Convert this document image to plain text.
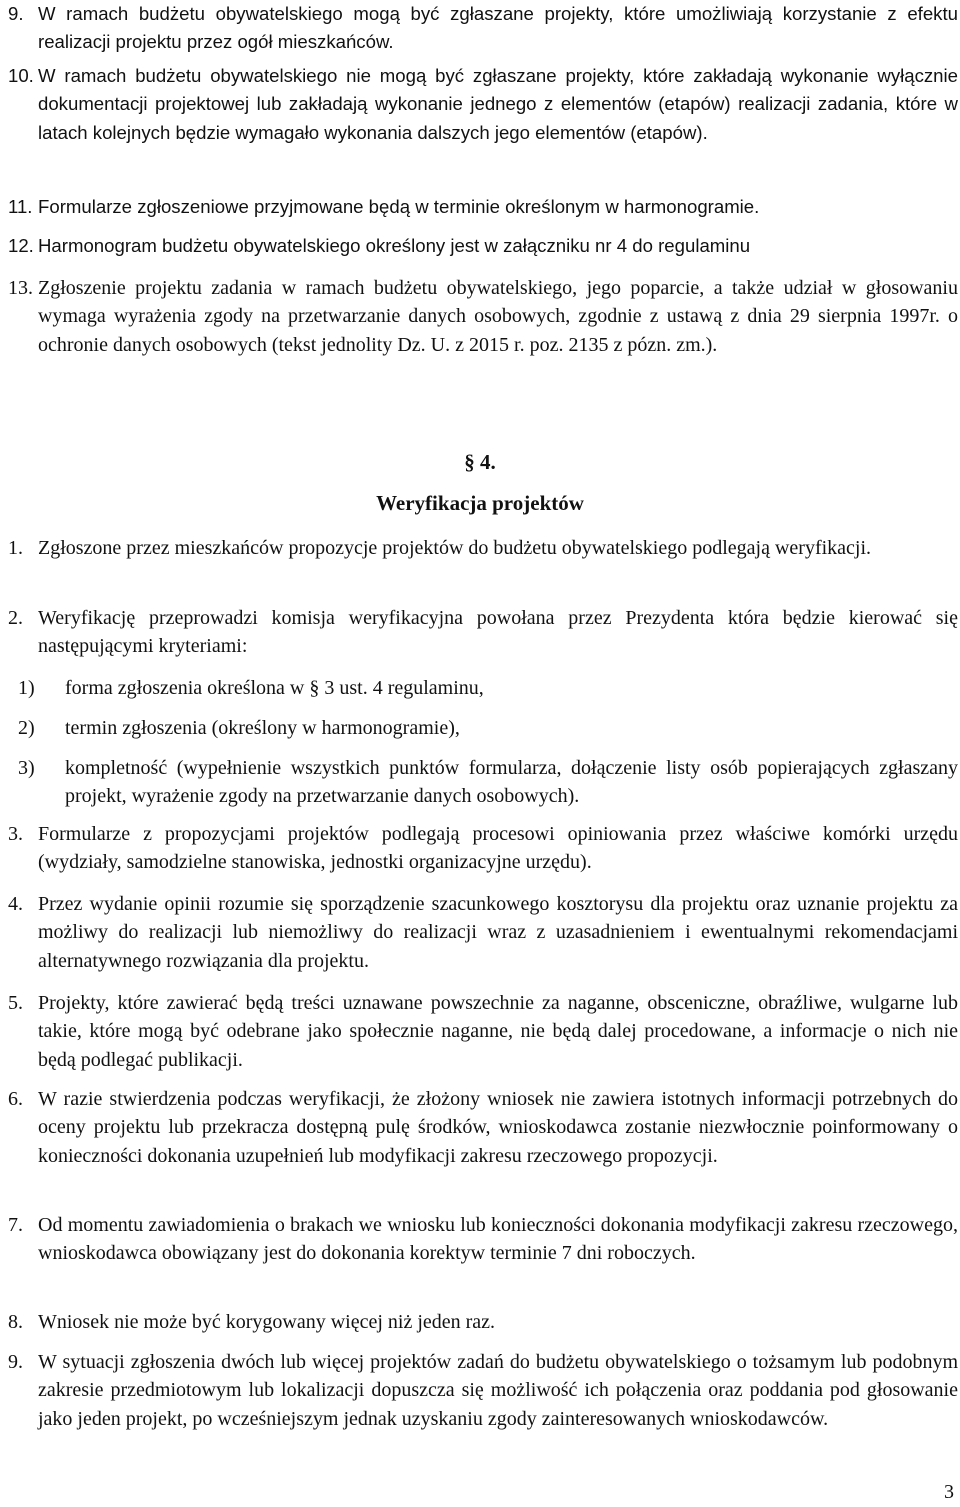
9. W ramach budżetu obywatelskiego mogą być zgłaszane projekty, które umożliwiają korzystanie z efektu realizacji projektu przez ogół mieszkańców.
10. W ramach budżetu obywatelskiego nie mogą być zgłaszane projekty, które zakładają wykonanie wyłącznie dokumentacji projektowej lub zakładają wykonanie jednego z elementów (etapów) realizacji zadania, które w latach kolejnych będzie wymagało wykonania dalszych jego elementów (etapów).
11. Formularze zgłoszeniowe przyjmowane będą w terminie określonym w harmonogramie.
12. Harmonogram budżetu obywatelskiego określony jest w załączniku nr 4 do regulaminu
13. Zgłoszenie projektu zadania w ramach budżetu obywatelskiego, jego poparcie, a także udział w głosowaniu wymaga wyrażenia zgody na przetwarzanie danych osobowych, zgodnie z ustawą z dnia 29 sierpnia 1997r. o ochronie danych osobowych (tekst jednolity Dz. U. z 2015 r. poz. 2135 z pózn. zm.).
§ 4.
Weryfikacja projektów
1. Zgłoszone przez mieszkańców propozycje projektów do budżetu obywatelskiego podlegają weryfikacji.
2. Weryfikację przeprowadzi komisja weryfikacyjna powołana przez Prezydenta która będzie kierować się następującymi kryteriami:
1) forma zgłoszenia określona w § 3 ust. 4 regulaminu,
2) termin zgłoszenia (określony w harmonogramie),
3) kompletność (wypełnienie wszystkich punktów formularza, dołączenie listy osób popierających zgłaszany projekt, wyrażenie zgody na przetwarzanie danych osobowych).
3. Formularze z propozycjami projektów podlegają procesowi opiniowania przez właściwe komórki urzędu (wydziały, samodzielne stanowiska, jednostki organizacyjne urzędu).
4. Przez wydanie opinii rozumie się sporządzenie szacunkowego kosztorysu dla projektu oraz uznanie projektu za możliwy do realizacji lub niemożliwy do realizacji wraz z uzasadnieniem i ewentualnymi rekomendacjami alternatywnego rozwiązania dla projektu.
5. Projekty, które zawierać będą treści uznawane powszechnie za naganne, obsceniczne, obraźliwe, wulgarne lub takie, które mogą być odebrane jako społecznie naganne, nie będą dalej procedowane, a informacje o nich nie będą podlegać publikacji.
6. W razie stwierdzenia podczas weryfikacji, że złożony wniosek nie zawiera istotnych informacji potrzebnych do oceny projektu lub przekracza dostępną pulę środków, wnioskodawca zostanie niezwłocznie poinformowany o konieczności dokonania uzupełnień lub modyfikacji zakresu rzeczowego propozycji.
7. Od momentu zawiadomienia o brakach we wniosku lub konieczności dokonania modyfikacji zakresu rzeczowego, wnioskodawca obowiązany jest do dokonania korektyw terminie 7 dni roboczych.
8. Wniosek nie może być korygowany więcej niż jeden raz.
9. W sytuacji zgłoszenia dwóch lub więcej projektów zadań do budżetu obywatelskiego o tożsamym lub podobnym zakresie przedmiotowym lub lokalizacji dopuszcza się możliwość ich połączenia oraz poddania pod głosowanie jako jeden projekt, po wcześniejszym jednak uzyskaniu zgody zainteresowanych wnioskodawców.
3
